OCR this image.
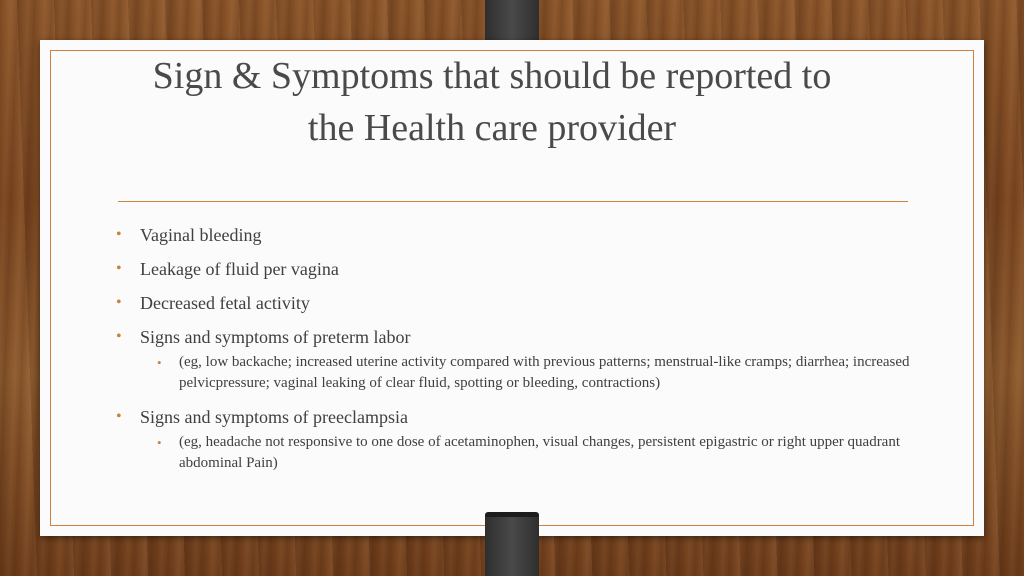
Sign & Symptoms that should be reported to
the Health care provider
• Vaginal bleeding
• Leakage of fluid per vagina
• Decreased fetal activity
• Signs and symptoms of preterm labor
• (eg, low backache; increased uterine activity compared with previous patterns; menstrual-like cramps; diarrhea; increased pelvicpressure; vaginal leaking of clear fluid, spotting or bleeding, contractions)
• Signs and symptoms of preeclampsia
• (eg, headache not responsive to one dose of acetaminophen, visual changes, persistent epigastric or right upper quadrant abdominal Pain)
